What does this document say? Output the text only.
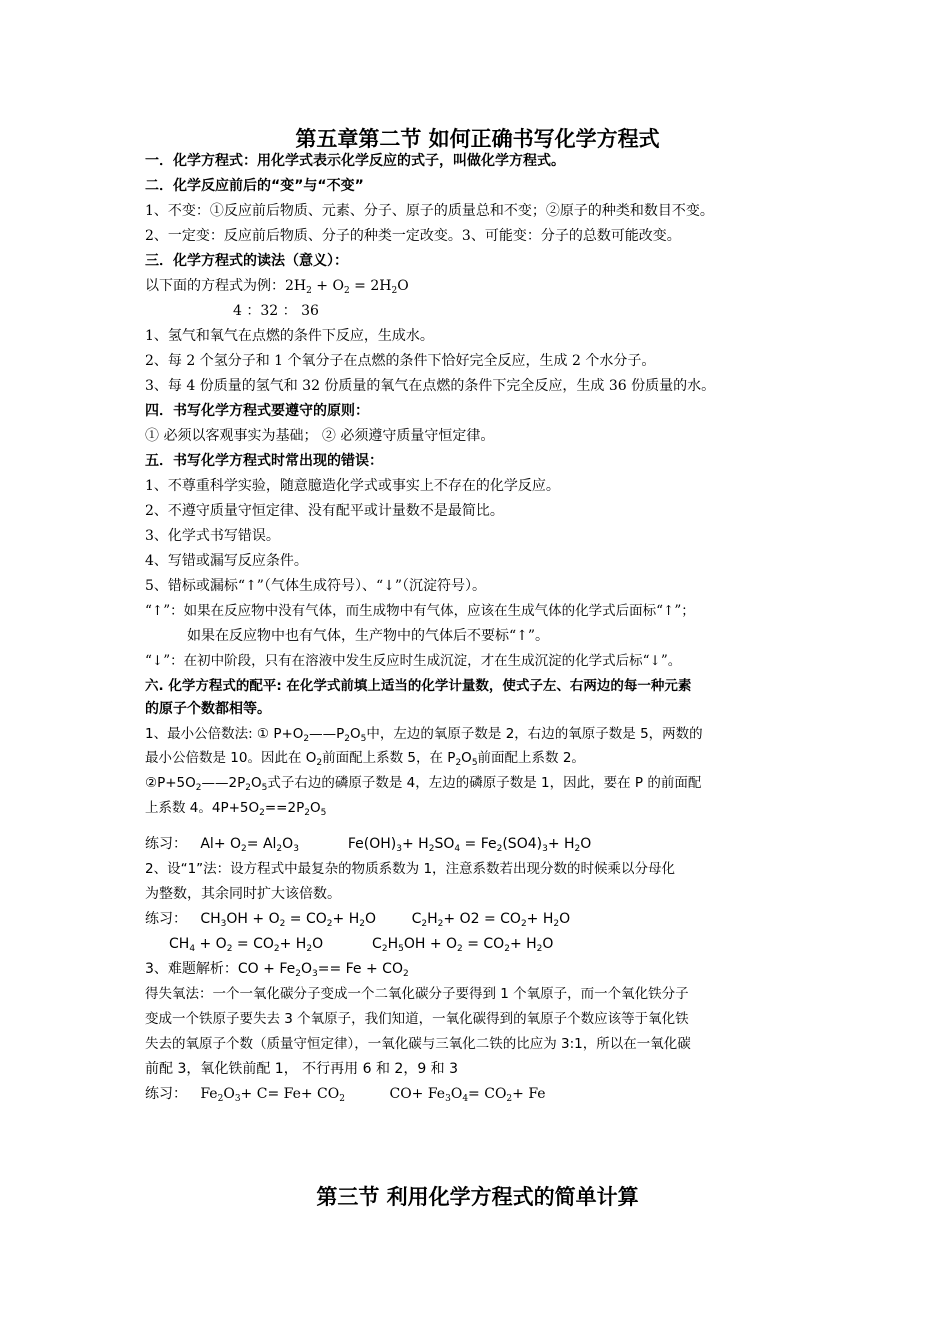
第五章第二节 如何正确书写化学方程式
一．化学方程式：用化学式表示化学反应的式子，叫做化学方程式。
二．化学反应前后的“变”与“不变”
1、不变：①反应前后物质、元素、分子、原子的质量总和不变；②原子的种类和数目不变。
2、一定变：反应前后物质、分子的种类一定改变。3、可能变：分子的总数可能改变。
三．化学方程式的读法（意义）：
以下面的方程式为例：$2H_2 + O_2 = 2H_2O$
4 ：32 ： 36
1、氢气和氧气在点燃的条件下反应，生成水。
2、每 2 个氢分子和 1 个氧分子在点燃的条件下恰好完全反应，生成 2 个水分子。
3、每 4 份质量的氢气和 32 份质量的氧气在点燃的条件下完全反应，生成 36 份质量的水。
四．书写化学方程式要遵守的原则：
① 必须以客观事实为基础； ② 必须遵守质量守恒定律。
五．书写化学方程式时常出现的错误：
1、不尊重科学实验，随意臆造化学式或事实上不存在的化学反应。
2、不遵守质量守恒定律、没有配平或计量数不是最简比。
3、化学式书写错误。
4、写错或漏写反应条件。
5、错标或漏标“↑”（气体生成符号）、“↓”（沉淀符号）。
“↑”：如果在反应物中没有气体，而生成物中有气体，应该在生成气体的化学式后面标“↑”；
如果在反应物中也有气体，生产物中的气体后不要标“↑”。
“↓”：在初中阶段，只有在溶液中发生反应时生成沉淀，才在生成沉淀的化学式后标“↓”。
六. 化学方程式的配平: 在化学式前填上适当的化学计量数，使式子左、右两边的每一种元素
的原子个数都相等。
1、最小公倍数法: ① $P+O_2——P_2O_5$中，左边的氧原子数是 2，右边的氧原子数是 5，两数的
最小公倍数是 10。因此在 $O_2$前面配上系数 5，在 $P_2O_5$前面配上系数 2。
$②P+5O_2——2P_2O_5$式子右边的磷原子数是 4，左边的磷原子数是 1，因此，要在 P 的前面配
上系数 4。$4P+5O_2==2P_2O_5$
练习： $Al+ O_2= Al_2O_3$	$Fe(OH)_3+ H_2SO_4 = Fe_2(SO4)_3+ H_2O$
2、设“1”法：设方程式中最复杂的物质系数为 1，注意系数若出现分数的时候乘以分母化
为整数，其余同时扩大该倍数。
练习： $CH_3OH + O_2 = CO_2+ H_2O$	$C_2H_2+ O2 = CO_2+ H_2O$
$CH_4 + O_2 = CO_2+ H_2O$	$C_2H_5OH + O_2 = CO_2+ H_2O$
3、难题解析：CO + $Fe_2O_3== Fe + CO_2$
得失氧法：一个一氧化碳分子变成一个二氧化碳分子要得到 1 个氧原子，而一个氧化铁分子
变成一个铁原子要失去 3 个氧原子，我们知道，一氧化碳得到的氧原子个数应该等于氧化铁
失去的氧原子个数（质量守恒定律），一氧化碳与三氧化二铁的比应为 3:1，所以在一氧化碳
前配 3，氧化铁前配 1， 不行再用 6 和 2，9 和 3
练习： $Fe_2O_3+ C= Fe+ CO_2$	$CO+ Fe_3O_4= CO_2+ Fe$
第三节 利用化学方程式的简单计算
